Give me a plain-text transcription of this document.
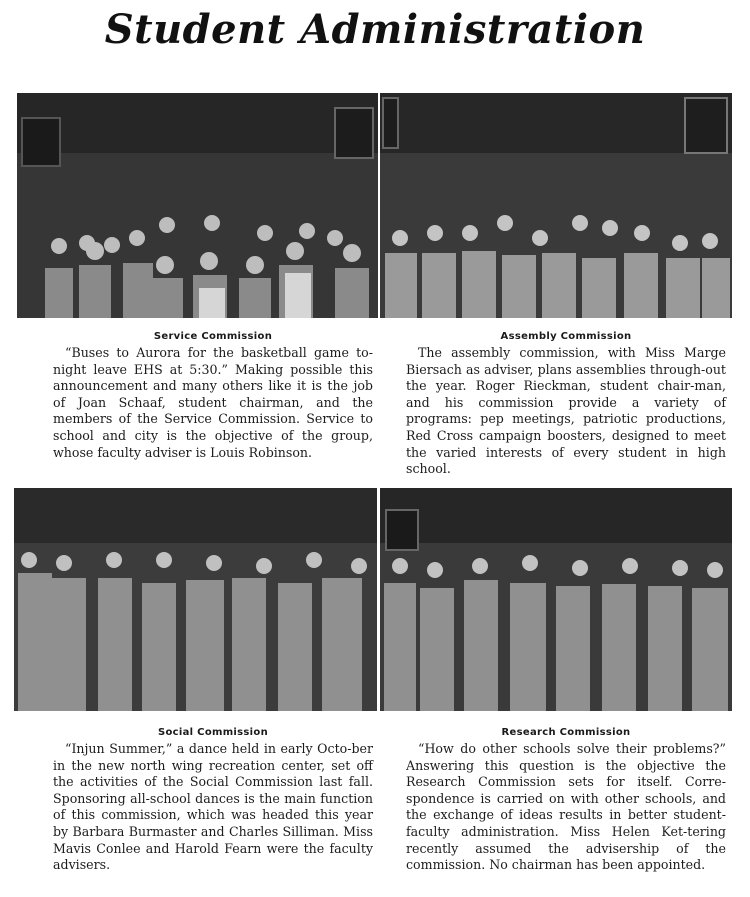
Student Administration

Service Commission

“Buses to Aurora for the basketball game to-night leave EHS at 5:30.” Making possible this announcement and many others like it is the job of Joan Schaaf, student chairman, and the members of the Service Commission. Service to school and city is the objective of the group, whose faculty adviser is Louis Robinson.

Assembly Commission

The assembly commission, with Miss Marge Biersach as adviser, plans assemblies through-out the year. Roger Rieckman, student chair-man, and his commission provide a variety of programs: pep meetings, patriotic productions, Red Cross campaign boosters, designed to meet the varied interests of every student in high school.

Social Commission

“Injun Summer,” a dance held in early Octo-ber in the new north wing recreation center, set off the activities of the Social Commission last fall. Sponsoring all-school dances is the main function of this commission, which was headed this year by Barbara Burmaster and Charles Silliman. Miss Mavis Conlee and Harold Fearn were the faculty advisers.

Research Commission

“How do other schools solve their problems?” Answering this question is the objective the Research Commission sets for itself. Corre-spondence is carried on with other schools, and the exchange of ideas results in better student-faculty administration. Miss Helen Ket-tering recently assumed the advisership of the commission. No chairman has been appointed.
